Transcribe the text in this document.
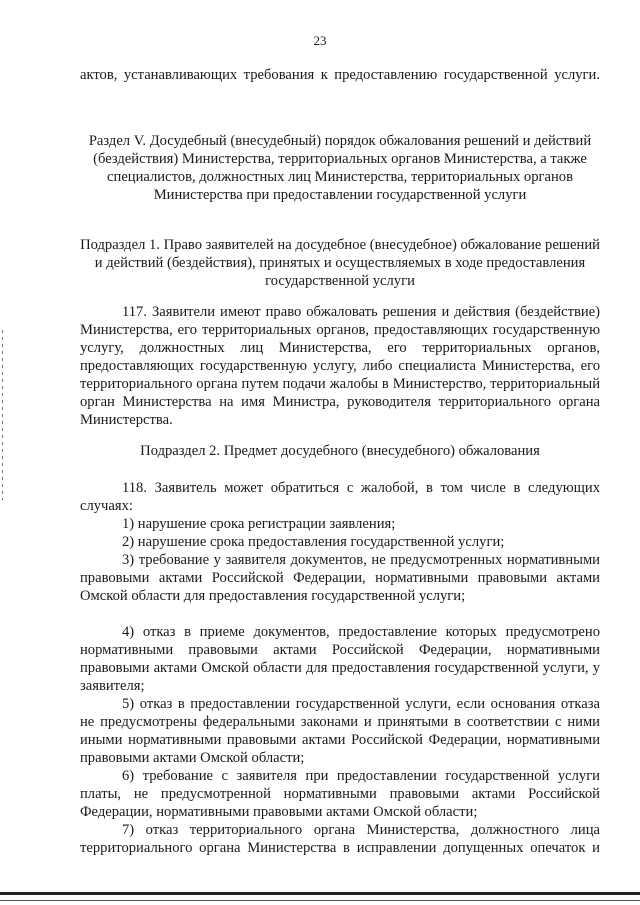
23
актов, устанавливающих требования к предоставлению государственной услуги.
Раздел V. Досудебный (внесудебный) порядок обжалования решений и действий (бездействия) Министерства, территориальных органов Министерства, а также специалистов, должностных лиц Министерства, территориальных органов Министерства при предоставлении государственной услуги
Подраздел 1. Право заявителей на досудебное (внесудебное) обжалование решений и действий (бездействия), принятых и осуществляемых в ходе предоставления государственной услуги
117. Заявители имеют право обжаловать решения и действия (бездействие) Министерства, его территориальных органов, предоставляющих государственную услугу, должностных лиц Министерства, его территориальных органов, предоставляющих государственную услугу, либо специалиста Министерства, его территориального органа путем подачи жалобы в Министерство, территориальный орган Министерства на имя Министра, руководителя территориального органа Министерства.
Подраздел 2. Предмет досудебного (внесудебного) обжалования
118. Заявитель может обратиться с жалобой, в том числе в следующих случаях:
1) нарушение срока регистрации заявления;
2) нарушение срока предоставления государственной услуги;
3) требование у заявителя документов, не предусмотренных нормативными правовыми актами Российской Федерации, нормативными правовыми актами Омской области для предоставления государственной услуги;
4) отказ в приеме документов, предоставление которых предусмотрено нормативными правовыми актами Российской Федерации, нормативными правовыми актами Омской области для предоставления государственной услуги, у заявителя;
5) отказ в предоставлении государственной услуги, если основания отказа не предусмотрены федеральными законами и принятыми в соответствии с ними иными нормативными правовыми актами Российской Федерации, нормативными правовыми актами Омской области;
6) требование с заявителя при предоставлении государственной услуги платы, не предусмотренной нормативными правовыми актами Российской Федерации, нормативными правовыми актами Омской области;
7) отказ территориального органа Министерства, должностного лица территориального органа Министерства в исправлении допущенных опечаток и
